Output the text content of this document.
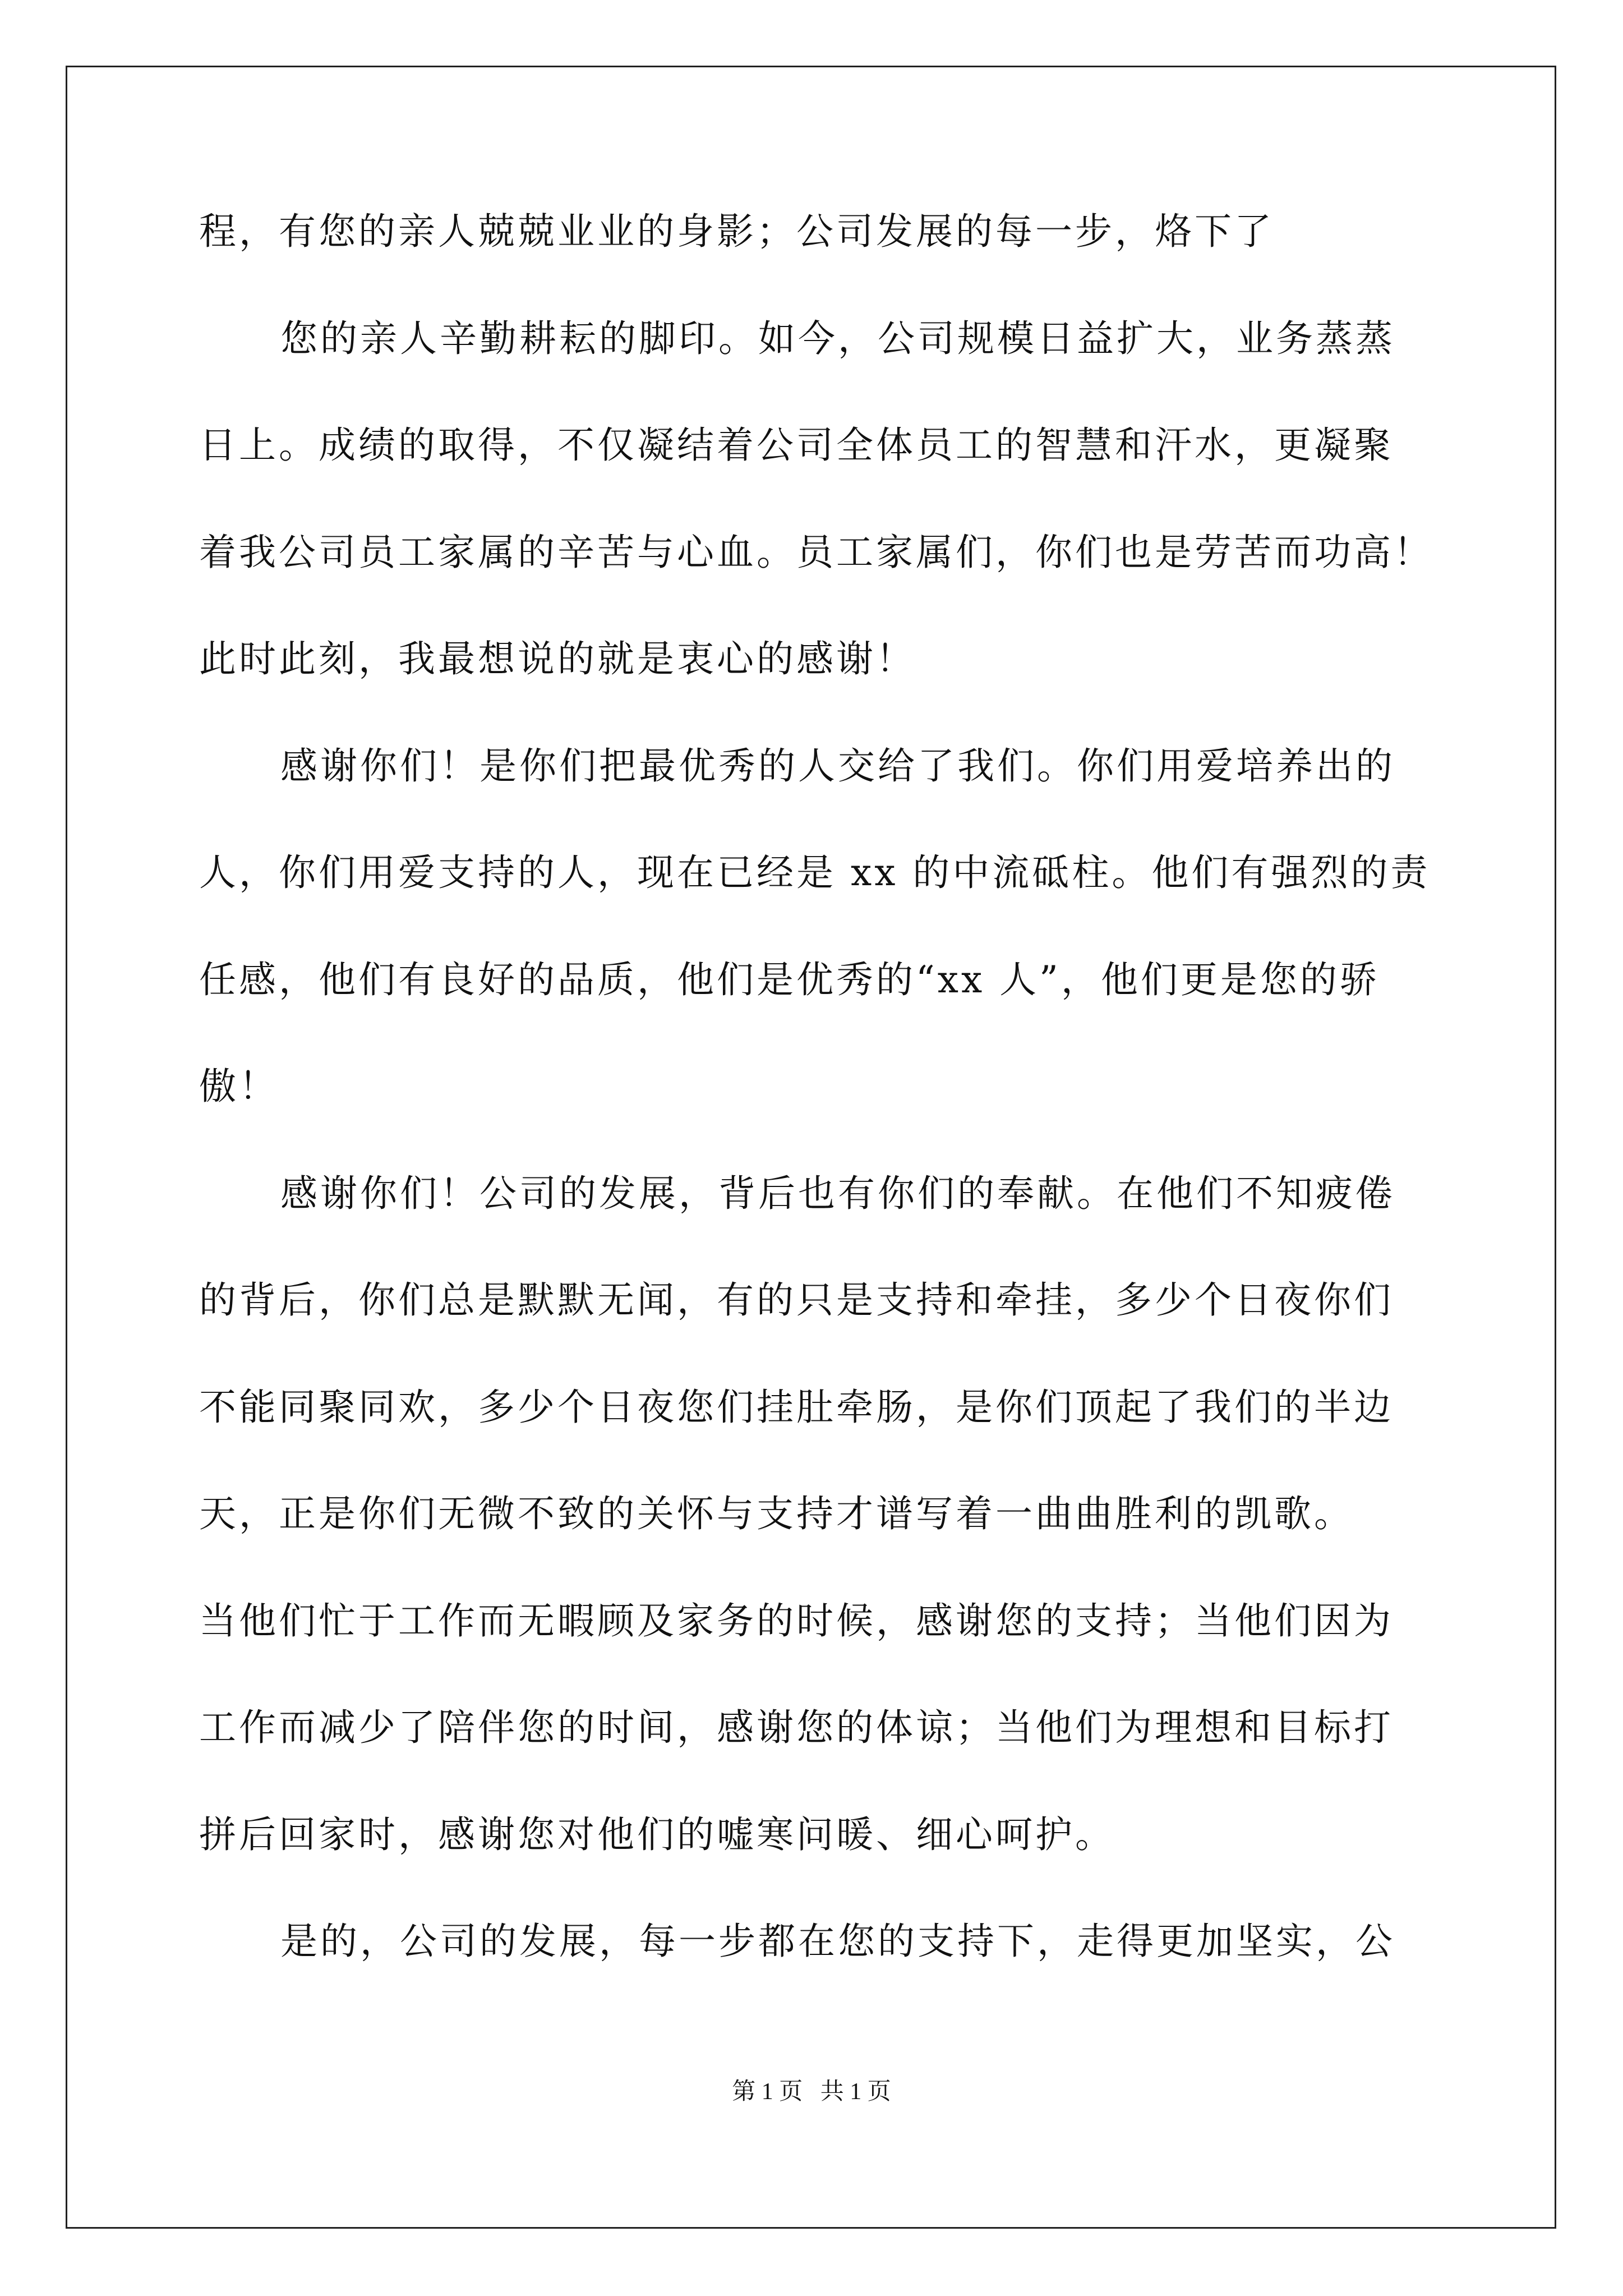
程，有您的亲人兢兢业业的身影；公司发展的每一步，烙下了
您的亲人辛勤耕耘的脚印。如今，公司规模日益扩大，业务蒸蒸
日上。成绩的取得，不仅凝结着公司全体员工的智慧和汗水，更凝聚
着我公司员工家属的辛苦与心血。员工家属们，你们也是劳苦而功高！
此时此刻，我最想说的就是衷心的感谢！
感谢你们！是你们把最优秀的人交给了我们。你们用爱培养出的
人，你们用爱支持的人，现在已经是 xx 的中流砥柱。他们有强烈的责
任感，他们有良好的品质，他们是优秀的“xx 人”，他们更是您的骄
傲！
感谢你们！公司的发展，背后也有你们的奉献。在他们不知疲倦
的背后，你们总是默默无闻，有的只是支持和牵挂，多少个日夜你们
不能同聚同欢，多少个日夜您们挂肚牵肠，是你们顶起了我们的半边
天，正是你们无微不致的关怀与支持才谱写着一曲曲胜利的凯歌。
当他们忙于工作而无暇顾及家务的时候，感谢您的支持；当他们因为
工作而减少了陪伴您的时间，感谢您的体谅；当他们为理想和目标打
拼后回家时，感谢您对他们的嘘寒问暖、细心呵护。
是的，公司的发展，每一步都在您的支持下，走得更加坚实，公
第 1 页   共 1 页
